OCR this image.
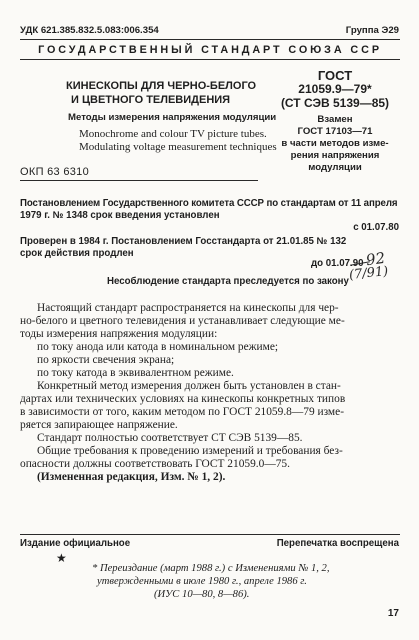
УДК 621.385.832.5.083:006.354	Группа Э29
ГОСУДАРСТВЕННЫЙ СТАНДАРТ СОЮЗА ССР
КИНЕСКОПЫ ДЛЯ ЧЕРНО-БЕЛОГО
И ЦВЕТНОГО ТЕЛЕВИДЕНИЯ
Методы измерения напряжения модуляции
Monochrome and colour TV picture tubes.
Modulating voltage measurement techniques
ОКП 63 6310
ГОСТ
21059.9—79*
(СТ СЭВ 5139—85)
Взамен
ГОСТ 17103—71
в части методов изме-
рения напряжения
модуляции
Постановлением Государственного комитета СССР по стандартам от 11 апреля
1979 г. № 1348 срок введения установлен
с 01.07.80
Проверен в 1984 г. Постановлением Госстандарта от 21.01.85 № 132
срок действия продлен
до 01.07.90 92
(7/91)
Несоблюдение стандарта преследуется по закону
Настоящий стандарт распространяется на кинескопы для чер-
но-белого и цветного телевидения и устанавливает следующие ме-
тоды измерения напряжения модуляции:
по току анода или катода в номинальном режиме;
по яркости свечения экрана;
по току катода в эквивалентном режиме.
Конкретный метод измерения должен быть установлен в стан-
дартах или технических условиях на кинескопы конкретных типов
в зависимости от того, каким методом по ГОСТ 21059.8—79 изме-
ряется запирающее напряжение.
Стандарт полностью соответствует СТ СЭВ 5139—85.
Общие требования к проведению измерений и требования без-
опасности должны соответствовать ГОСТ 21059.0—75.
(Измененная редакция, Изм. № 1, 2).
Издание официальное	Перепечатка воспрещена
★
* Переиздание (март 1988 г.) с Изменениями № 1, 2,
утвержденными в июле 1980 г., апреле 1986 г.
(ИУС 10—80, 8—86).
17
